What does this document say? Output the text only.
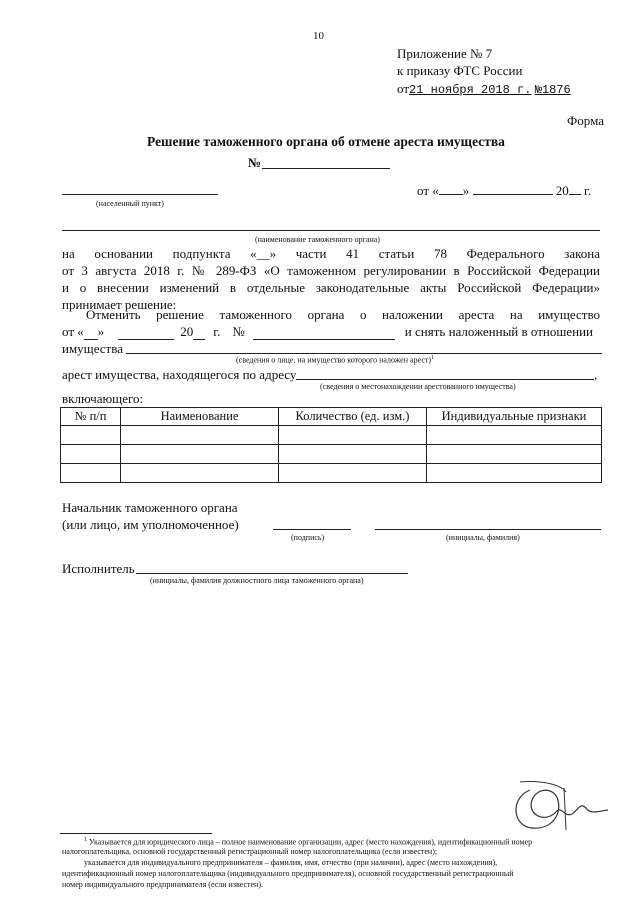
10
Приложение № 7
к приказу ФТС России
от21 ноября 2018 г. №1876
Форма
Решение таможенного органа об отмене ареста имущества
№
(населенный пункт)
от « »	20 г.
(наименование таможенного органа)
на основании подпункта «__» части 41 статьи 78 Федерального закона
от 3 августа 2018 г. № 289-ФЗ «О таможенном регулировании в Российской Федерации
и о внесении изменений в отдельные законодательные акты Российской Федерации»
принимает решение:
Отменить решение таможенного органа о наложении ареста на имущество
от « »	20 г. №	и снять наложенный в отношении
имущества
(сведения о лице, на имущество которого наложен арест)$^1$
арест имущества, находящегося по адресу	,
(сведения о местонахождении арестованного имущества)
включающего:
№ п/п	Наименование	Количество (ед. изм.)	Индивидуальные признаки

Начальник таможенного органа
(или лицо, им уполномоченное)
(подпись)	(инициалы, фамилия)
Исполнитель
(инициалы, фамилия должностного лица таможенного органа)
$^1$ Указывается для юридического лица – полное наименование организации, адрес (место нахождения), идентификационный номер
налогоплательщика, основной государственный регистрационный номер налогоплательщика (если известен);
указывается для индивидуального предпринимателя – фамилия, имя, отчество (при наличии), адрес (место нахождения),
идентификационный номер налогоплательщика (индивидуального предпринимателя), основной государственный регистрационный
номер индивидуального предпринимателя (если известен).
